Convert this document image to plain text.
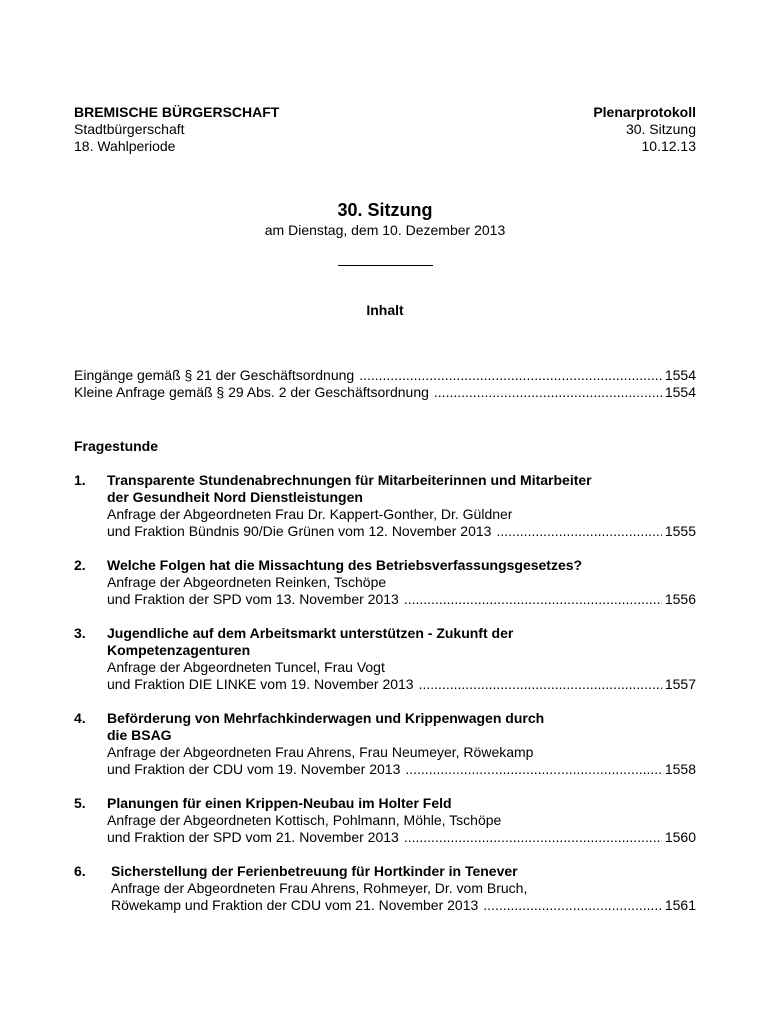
BREMISCHE BÜRGERSCHAFT
Stadtbürgerschaft
18. Wahlperiode
Plenarprotokoll
30. Sitzung
10.12.13
30. Sitzung
am Dienstag, dem 10. Dezember 2013
Inhalt
Eingänge gemäß § 21 der Geschäftsordnung .....	1554
Kleine Anfrage gemäß § 29 Abs. 2 der Geschäftsordnung .....	1554
Fragestunde
1.	Transparente Stundenabrechnungen für Mitarbeiterinnen und Mitarbeiter
der Gesundheit Nord Dienstleistungen
Anfrage der Abgeordneten Frau Dr. Kappert-Gonther, Dr. Güldner
und Fraktion Bündnis 90/Die Grünen vom 12. November 2013 .....	1555
2.	Welche Folgen hat die Missachtung des Betriebsverfassungsgesetzes?
Anfrage der Abgeordneten Reinken, Tschöpe
und Fraktion der SPD vom 13. November 2013 .....	1556
3.	Jugendliche auf dem Arbeitsmarkt unterstützen - Zukunft der
Kompetenzagenturen
Anfrage der Abgeordneten Tuncel, Frau Vogt
und Fraktion DIE LINKE vom 19. November 2013 .....	1557
4.	Beförderung von Mehrfachkinderwagen und Krippenwagen durch
die BSAG
Anfrage der Abgeordneten Frau Ahrens, Frau Neumeyer, Röwekamp
und Fraktion der CDU vom 19. November 2013 .....	1558
5.	Planungen für einen Krippen-Neubau im Holter Feld
Anfrage der Abgeordneten Kottisch, Pohlmann, Möhle, Tschöpe
und Fraktion der SPD vom 21. November 2013 .....	1560
6.	Sicherstellung der Ferienbetreuung für Hortkinder in Tenever
Anfrage der Abgeordneten Frau Ahrens, Rohmeyer, Dr. vom Bruch,
Röwekamp und Fraktion der CDU vom 21. November 2013 .....	1561
